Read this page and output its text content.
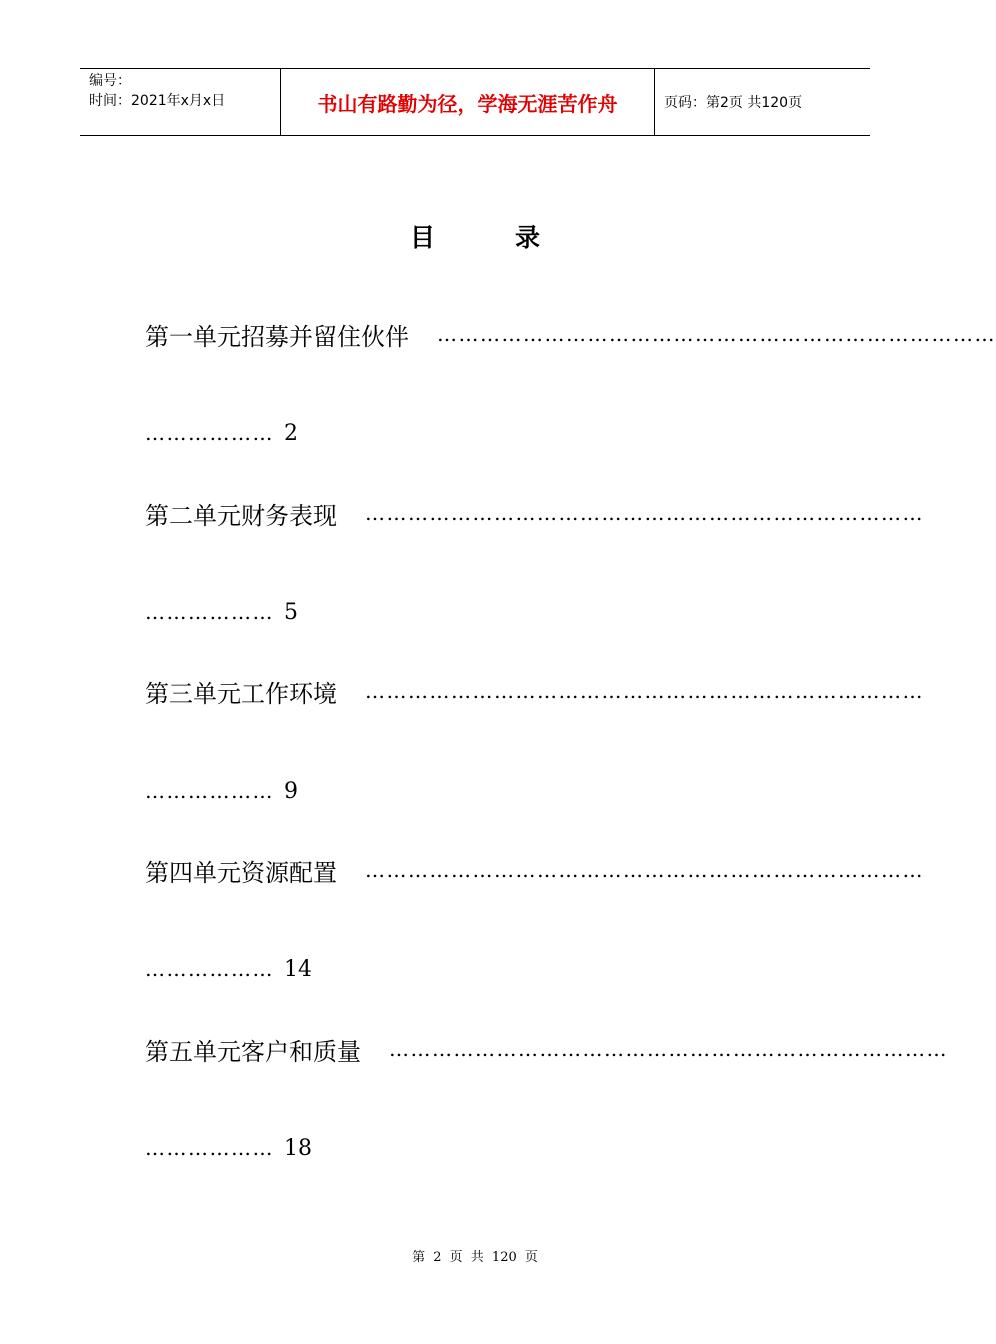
编号：
时间：2021年x月x日	书山有路勤为径，学海无涯苦作舟	页码：第2页 共120页
目	录
第一单元 招募并留住伙伴 ……………………………………………………………………
……………… 2
第二单元 财务表现 ……………………………………………………………………
……………… 5
第三单元 工作环境 ……………………………………………………………………
……………… 9
第四单元 资源配置 ……………………………………………………………………
……………… 14
第五单元 客户和质量 ……………………………………………………………………
……………… 18
第 2 页 共 120 页
